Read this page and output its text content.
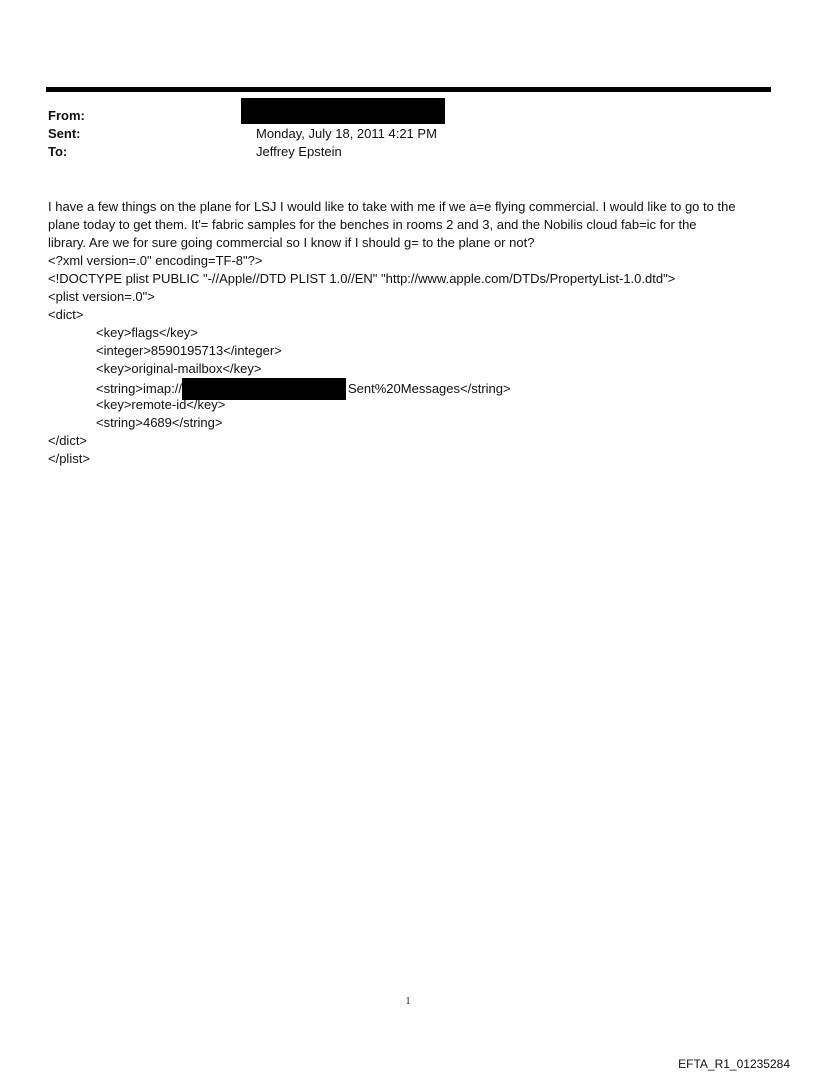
From:
Sent:	Monday, July 18, 2011 4:21 PM
To:	Jeffrey Epstein
I have a few things on the plane for LSJ I would like to take with me if we a=e flying commercial. I would like to go to the
plane today to get them. It'= fabric samples for the benches in rooms 2 and 3, and the Nobilis cloud fab=ic for the
library. Are we for sure going commercial so I know if I should g= to the plane or not?
<?xml version=.0" encoding=TF-8"?>
<!DOCTYPE plist PUBLIC "-//Apple//DTD PLIST 1.0//EN" "http://www.apple.com/DTDs/PropertyList-1.0.dtd">
<plist version=.0">
<dict>
<key>flags</key>
<integer>8590195713</integer>
<key>original-mailbox</key>
<string>imap://	Sent%20Messages</string>
<key>remote-id</key>
<string>4689</string>
</dict>
</plist>
1
EFTA_R1_01235284
